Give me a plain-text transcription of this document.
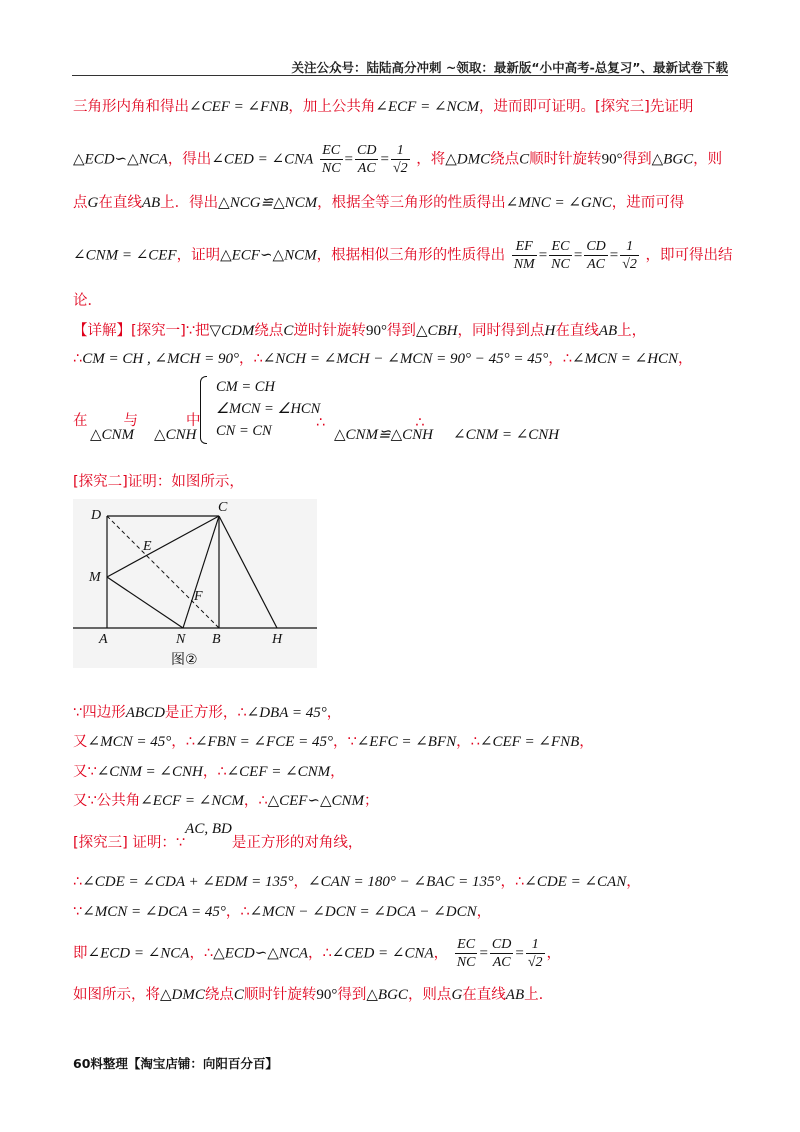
关注公众号：陆陆高分冲刺 ~领取：最新版“小中高考-总复习”、最新试卷下载
三角形内角和得出∠CEF = ∠FNB，加上公共角∠ECF = ∠NCM，进而即可证明。[探究三]先证明
△ECD∽△NCA，得出∠CED = ∠CNA $\frac{EC}{NC} = \frac{CD}{AC} = \frac{1}{√2}$ ，将△DMC绕点C顺时针旋转90°得到△BGC，则
点G在直线AB上．得出△NCG≌△NCM，根据全等三角形的性质得出∠MNC = ∠GNC，进而可得
∠CNM = ∠CEF，证明△ECF∽△NCM，根据相似三角形的性质得出 $\frac{EF}{NM} = \frac{EC}{NC} = \frac{CD}{AC} = \frac{1}{√2}$ ，即可得出结
论．
【详解】[探究一]∵把▽CDM绕点C逆时针旋转90°得到△CBH，同时得到点H在直线AB上，
∴CM = CH , ∠MCH = 90°，∴∠NCH = ∠MCH − ∠MCN = 90° − 45° = 45°，∴∠MCN = ∠HCN，
CM = CH
∠MCN = ∠HCN
CN = CN
在 与	中
△CNM △CNH
∴	∴
△CNM≌△CNH ∠CNM = ∠CNH
[探究二]证明：如图所示，
D
C
E
M
F
A	N B	H
图②
∵四边形ABCD是正方形，∴∠DBA = 45°，
又∠MCN = 45°，∴∠FBN = ∠FCE = 45°，∵∠EFC = ∠BFN，∴∠CEF = ∠FNB，
又∵∠CNM = ∠CNH，∴∠CEF = ∠CNM，
又∵公共角∠ECF = ∠NCM，∴△CEF∽△CNM；
[探究三] 证明：∵AC, BD是正方形的对角线，
∴∠CDE = ∠CDA + ∠EDM = 135°，∠CAN = 180° − ∠BAC = 135°，∴∠CDE = ∠CAN，
∵∠MCN = ∠DCA = 45°，∴∠MCN − ∠DCN = ∠DCA − ∠DCN，
即∠ECD = ∠NCA，∴△ECD∽△NCA，∴∠CED = ∠CNA， $\frac{EC}{NC} = \frac{CD}{AC} = \frac{1}{√2}$ ，
如图所示，将△DMC绕点C顺时针旋转90°得到△BGC，则点G在直线AB上.
60料整理【淘宝店铺：向阳百分百】
